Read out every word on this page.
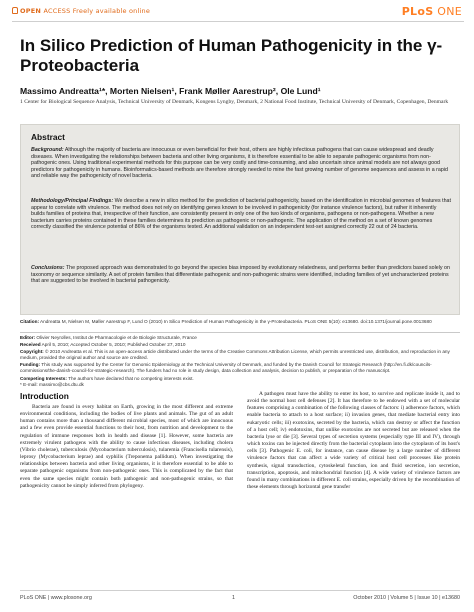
OPEN ACCESS Freely available online	PLoS ONE
In Silico Prediction of Human Pathogenicity in the γ-Proteobacteria
Massimo Andreatta¹*, Morten Nielsen¹, Frank Møller Aarestrup², Ole Lund¹
1 Center for Biological Sequence Analysis, Technical University of Denmark, Kongens Lyngby, Denmark, 2 National Food Institute, Technical University of Denmark, Copenhagen, Denmark
Abstract
Background: Although the majority of bacteria are innocuous or even beneficial for their host, others are highly infectious pathogens that can cause widespread and deadly diseases. When investigating the relationships between bacteria and other living organisms, it is therefore essential to be able to separate pathogenic organisms from non-pathogenic ones. Using traditional experimental methods for this purpose can be very costly and time-consuming, and also uncertain since animal models are not always good predictors for pathogenicity in humans. Bioinformatics-based methods are therefore strongly needed to mine the fast growing number of genome sequences and assess in a rapid and reliable way the pathogenicity of novel bacteria.
Methodology/Principal Findings: We describe a new in silico method for the prediction of bacterial pathogenicity, based on the identification in microbial genomes of features that appear to correlate with virulence. The method does not rely on identifying genes known to be involved in pathogenicity (for instance virulence factors), but rather it inherently builds families of proteins that, irrespective of their function, are consistently present in only one of the two kinds of organisms, pathogens or non-pathogens. Whether a new bacterium carries proteins contained in these families determines its prediction as pathogenic or non-pathogenic. The application of the method on a set of known genomes correctly classified the virulence potential of 86% of the organisms tested. An additional validation on an independent test-set assigned correctly 22 out of 24 bacteria.
Conclusions: The proposed approach was demonstrated to go beyond the species bias imposed by evolutionary relatedness, and performs better than predictors based solely on taxonomy or sequence similarity. A set of protein families that differentiate pathogenic and non-pathogenic strains were identified, including families of yet uncharacterized proteins that are suggested to be involved in bacterial pathogenicity.
Citation: Andreatta M, Nielsen M, Møller Aarestrup F, Lund O (2010) In Silico Prediction of Human Pathogenicity in the γ-Proteobacteria. PLoS ONE 5(10): e13680. doi:10.1371/journal.pone.0013680
Editor: Olivier Neyrolles, Institut de Pharmacologie et de Biologie Structurale, France
Received April 5, 2010; Accepted October 5, 2010; Published October 27, 2010
Copyright: © 2010 Andreatta et al. This is an open-access article distributed under the terms of the Creative Commons Attribution License, which permits unrestricted use, distribution, and reproduction in any medium, provided the original author and source are credited.
Funding: This study was supported by the Center for Genomic Epidemiology at the Technical University of Denmark, and funded by the Danish Council for Strategic Research (http://en.fi.dk/councils-commissions/the-danish-council-for-strategic-research). The funders had no role in study design, data collection and analysis, decision to publish, or preparation of the manuscript.
Competing Interests: The authors have declared that no competing interests exist.
* E-mail: massimo@cbs.dtu.dk
Introduction
Bacteria are found in every habitat on Earth, growing in the most different and extreme environmental conditions, including the bodies of live plants and animals. The gut of an adult human contains more than a thousand different microbial species, most of which are innocuous and a few even provide essential functions to their host, from nutrition and development to the regulation of immune responses both in health and disease [1]. However, some bacteria are extremely virulent pathogens with the ability to cause infectious diseases, including cholera (Vibrio cholerae), tuberculosis (Mycobacterium tuberculosis), tularemia (Francisella tularensis), leprosy (Mycobacterium leprae) and syphilis (Treponema pallidum). When investigating the relationships between bacteria and other living organisms, it is therefore essential to be able to separate pathogenic organisms from non-pathogenic ones. This is complicated by the fact that even the same species might contain both pathogenic and non-pathogenic strains, so that pathogenicity cannot be simply inferred from phylogeny.
A pathogen must have the ability to enter its host, to survive and replicate inside it, and to avoid the normal host cell defenses [2]. It has therefore to be endowed with a set of molecular features comprising a combination of the following classes of factors: i) adherence factors, which enable bacteria to attach to a host surface; ii) invasion genes, that mediate bacterial entry into eukaryotic cells; iii) exotoxins, secreted by the bacteria, which can destroy or affect the function of a host cell; iv) endotoxins, that unlike exotoxins are not secreted but are released when the bacteria lyse or die [3]. Several types of secretion systems (especially type III and IV), through which toxins can be injected directly from the bacterial cytoplasm into the cytoplasm of its host's cells [3]. Pathogenic E. coli, for instance, can cause disease by a large number of different virulence factors that can affect a wide variety of critical host cell processes like protein synthesis, signal transduction, cytoskeletal function, ion and fluid secretion, ion secretion, transcription, apoptosis, and mitochondrial function [4]. A wide variety of virulence factors are found in many combinations in different E. coli strains, especially driven by the recombination of these elements through horizontal gene transfer
PLoS ONE | www.plosone.org	1	October 2010 | Volume 5 | Issue 10 | e13680
